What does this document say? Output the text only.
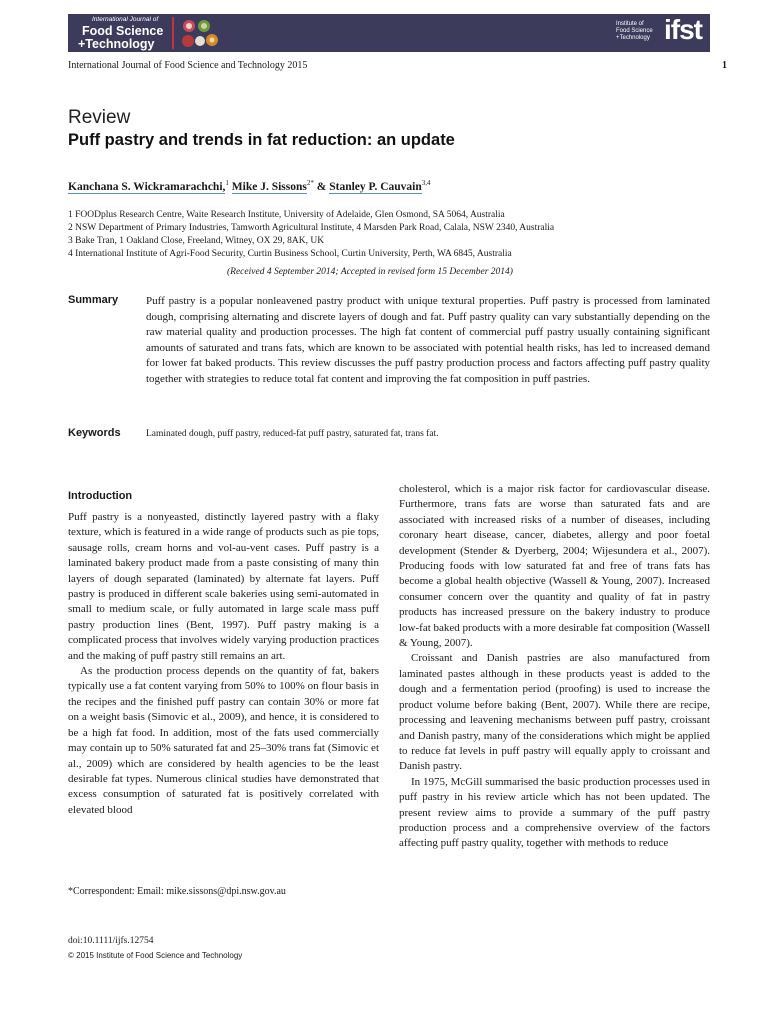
International Journal of
Food Science
+Technology
Institute of
Food Science
+Technology ifst
International Journal of Food Science and Technology 2015	1
Review
Puff pastry and trends in fat reduction: an update
Kanchana S. Wickramarachchi,$^1$ Mike J. Sissons$^{2*}$ & Stanley P. Cauvain$^{3,4}$
1 FOODplus Research Centre, Waite Research Institute, University of Adelaide, Glen Osmond, SA 5064, Australia
2 NSW Department of Primary Industries, Tamworth Agricultural Institute, 4 Marsden Park Road, Calala, NSW 2340, Australia
3 Bake Tran, 1 Oakland Close, Freeland, Witney, OX 29, 8AK, UK
4 International Institute of Agri-Food Security, Curtin Business School, Curtin University, Perth, WA 6845, Australia
(Received 4 September 2014; Accepted in revised form 15 December 2014)
Summary	Puff pastry is a popular nonleavened pastry product with unique textural properties. Puff pastry is processed from laminated dough, comprising alternating and discrete layers of dough and fat. Puff pastry quality can vary substantially depending on the raw material quality and production processes. The high fat content of commercial puff pastry usually containing significant amounts of saturated and trans fats, which are known to be associated with potential health risks, has led to increased demand for lower fat baked products. This review discusses the puff pastry production process and factors affecting puff pastry quality together with strategies to reduce total fat content and improving the fat composition in puff pastries.
Keywords	Laminated dough, puff pastry, reduced-fat puff pastry, saturated fat, trans fat.
Introduction

Puff pastry is a nonyeasted, distinctly layered pastry with a flaky texture, which is featured in a wide range of products such as pie tops, sausage rolls, cream horns and vol-au-vent cases. Puff pastry is a laminated bakery product made from a paste consisting of many thin layers of dough separated (laminated) by alternate fat layers. Puff pastry is produced in different scale bakeries using semi-automated in small to medium scale, or fully automated in large scale mass puff pastry production lines (Bent, 1997). Puff pastry making is a complicated process that involves widely varying production practices and the making of puff pastry still remains an art.

As the production process depends on the quantity of fat, bakers typically use a fat content varying from 50% to 100% on flour basis in the recipes and the finished puff pastry can contain 30% or more fat on a weight basis (Simovic et al., 2009), and hence, it is considered to be a high fat food. In addition, most of the fats used commercially may contain up to 50% saturated fat and 25–30% trans fat (Simovic et al., 2009) which are considered by health agencies to be the least desirable fat types. Numerous clinical studies have demonstrated that excess consumption of saturated fat is positively correlated with elevated blood

cholesterol, which is a major risk factor for cardiovascular disease. Furthermore, trans fats are worse than saturated fats and are associated with increased risks of a number of diseases, including coronary heart disease, cancer, diabetes, allergy and poor foetal development (Stender & Dyerberg, 2004; Wijesundera et al., 2007). Producing foods with low saturated fat and free of trans fats has become a global health objective (Wassell & Young, 2007). Increased consumer concern over the quantity and quality of fat in pastry products has increased pressure on the bakery industry to produce low-fat baked products with a more desirable fat composition (Wassell & Young, 2007).

Croissant and Danish pastries are also manufactured from laminated pastes although in these products yeast is added to the dough and a fermentation period (proofing) is used to increase the product volume before baking (Bent, 2007). While there are recipe, processing and leavening mechanisms between puff pastry, croissant and Danish pastry, many of the considerations which might be applied to reduce fat levels in puff pastry will equally apply to croissant and Danish pastry.

In 1975, McGill summarised the basic production processes used in puff pastry in his review article which has not been updated. The present review aims to provide a summary of the puff pastry production process and a comprehensive overview of the factors affecting puff pastry quality, together with methods to reduce

*Correspondent: Email: mike.sissons@dpi.nsw.gov.au
doi:10.1111/ijfs.12754
© 2015 Institute of Food Science and Technology
